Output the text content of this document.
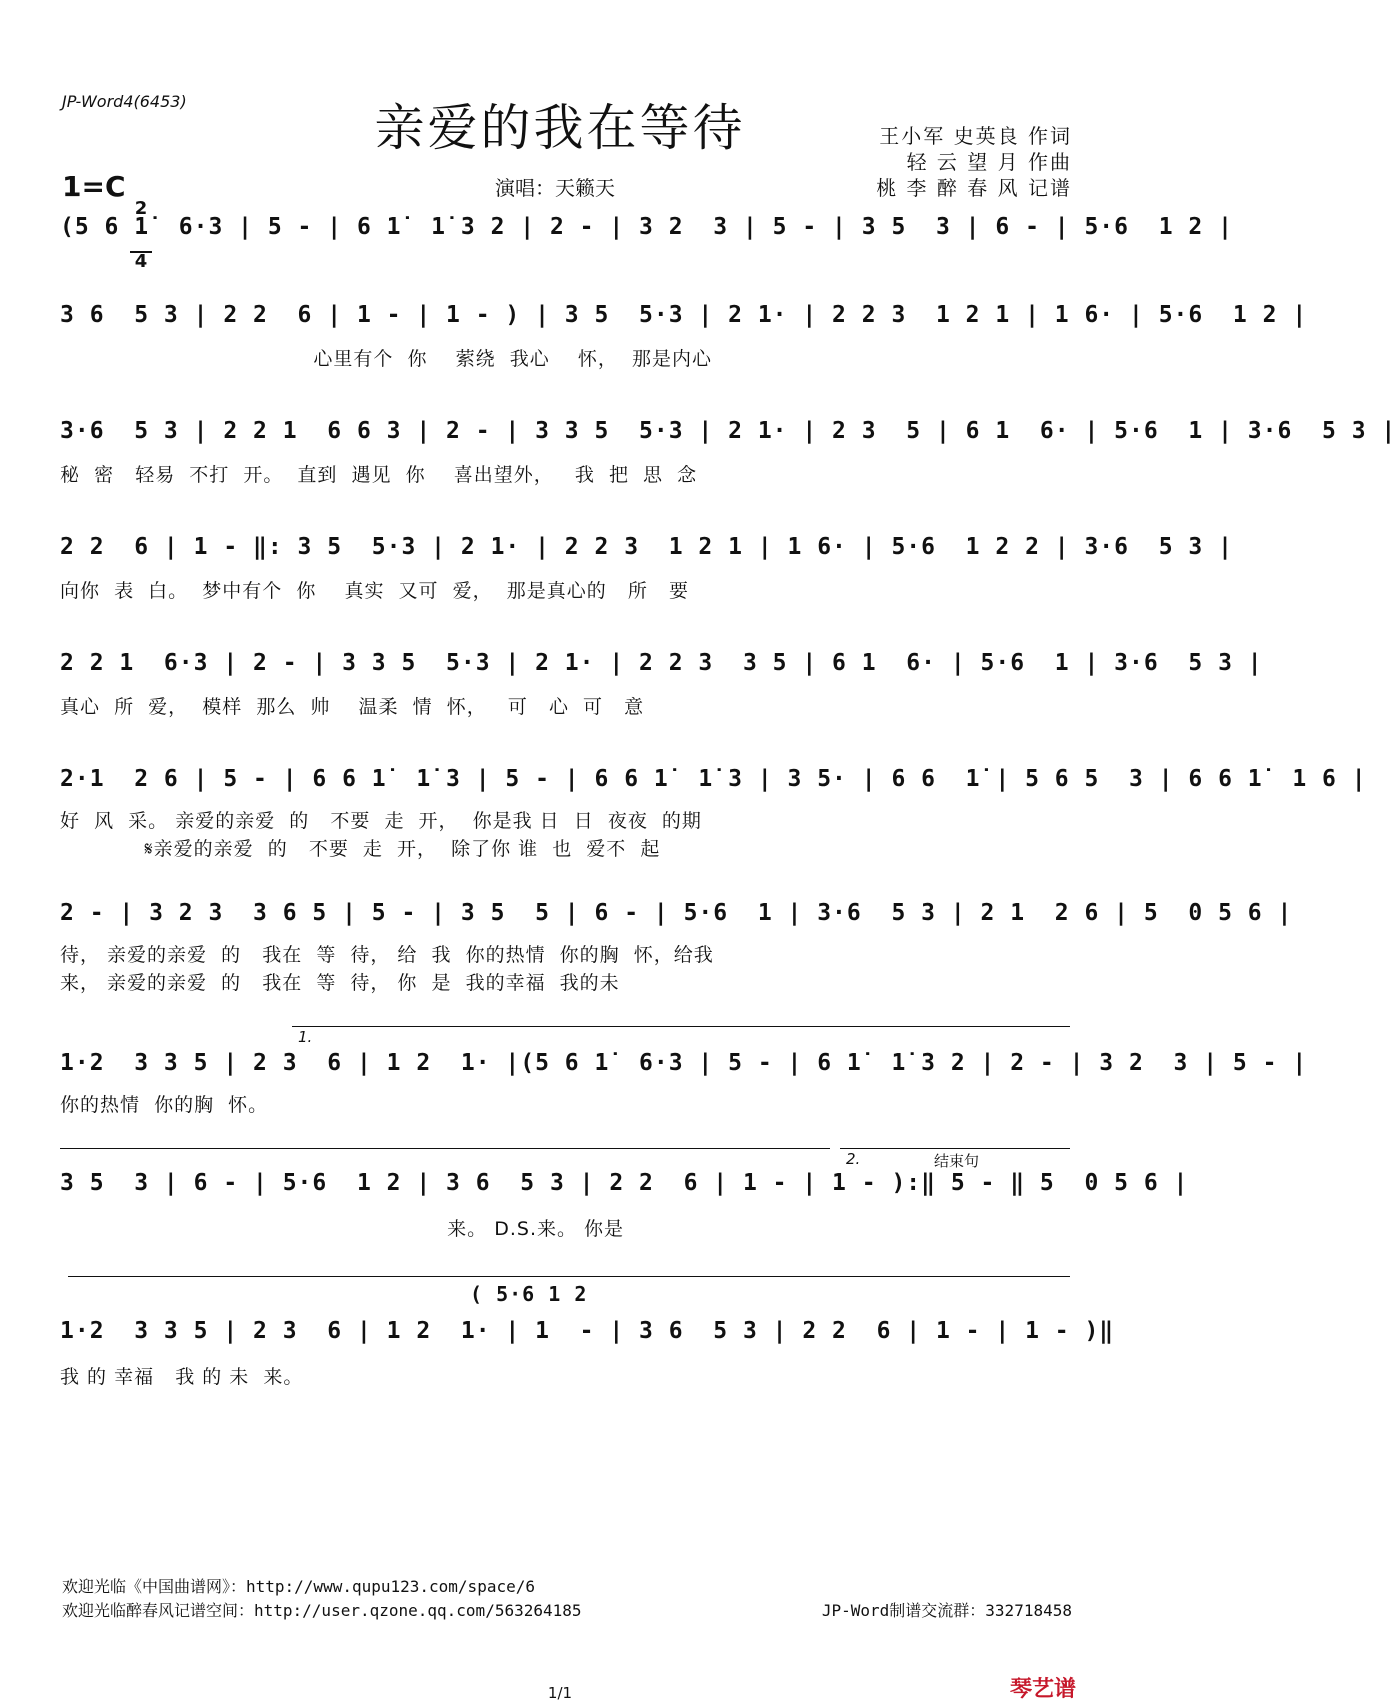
JP-Word4(6453)	亲爱的我在等待
1=C

2

4

演唱：天籁天
王小军 史英良 作词
轻 云 望 月 作曲
桃 李 醉 春 风 记谱
(5 6 1̇  6·3 | 5 - | 6 1̇  1̇ 3 2 | 2 - | 3 2  3 | 5 - | 3 5  3 | 6 - | 5·6  1 2 |
3 6  5 3 | 2 2  6 | 1 - | 1 - ) | 3 5  5·3 | 2 1· | 2 2 3  1 2 1 | 1 6· | 5·6  1 2 |
心里有个  你    萦绕  我心    怀，  那是内心
3·6  5 3 | 2 2 1  6 6 3 | 2 - | 3 3 5  5·3 | 2 1· | 2 3  5 | 6 1  6· | 5·6  1 | 3·6  5 3 |
秘  密   轻易  不打  开。  直到  遇见  你    喜出望外，   我  把  思  念
2 2  6 | 1 - ‖: 3 5  5·3 | 2 1· | 2 2 3  1 2 1 | 1 6· | 5·6  1 2 2 | 3·6  5 3 |
向你  表  白。  梦中有个  你    真实  又可  爱，  那是真心的   所   要
2 2 1  6·3 | 2 - | 3 3 5  5·3 | 2 1· | 2 2 3  3 5 | 6 1  6· | 5·6  1 | 3·6  5 3 |
真心  所  爱，  模样  那么  帅    温柔  情  怀，   可   心  可   意
2·1  2 6 | 5 - | 6 6 1̇  1̇ 3 | 5 - | 6 6 1̇  1̇ 3 | 3 5· | 6 6  1̇ | 5 6 5  3 | 6 6 1̇  1 6 |
好  风  采。 亲爱的亲爱  的   不要  走  开，  你是我 日  日  夜夜  的期
𝄋亲爱的亲爱  的   不要  走  开，  除了你 谁  也  爱不  起
2 - | 3 2 3  3 6 5 | 5 - | 3 5  5 | 6 - | 5·6  1 | 3·6  5 3 | 2 1  2 6 | 5  0 5 6 |
待， 亲爱的亲爱  的   我在  等  待， 给  我  你的热情  你的胸  怀，给我
来， 亲爱的亲爱  的   我在  等  待， 你  是  我的幸福  我的未
1.
1·2  3 3 5 | 2 3  6 | 1 2  1· |(5 6 1̇  6·3 | 5 - | 6 1̇  1̇ 3 2 | 2 - | 3 2  3 | 5 - |
你的热情  你的胸  怀。
2.	结束句
3 5  3 | 6 - | 5·6  1 2 | 3 6  5 3 | 2 2  6 | 1 - | 1 - ):‖ 5 - ‖ 5  0 5 6 |
来。 D.S.来。 你是
( 5·6 1 2
1·2  3 3 5 | 2 3  6 | 1 2  1· | 1  - | 3 6  5 3 | 2 2  6 | 1 - | 1 - )‖
我 的 幸福   我 的 未  来。
欢迎光临《中国曲谱网》：http://www.qupu123.com/space/6
欢迎光临醉春风记谱空间：http://user.qzone.qq.com/563264185	JP-Word制谱交流群：332718458
1/1	琴艺谱
